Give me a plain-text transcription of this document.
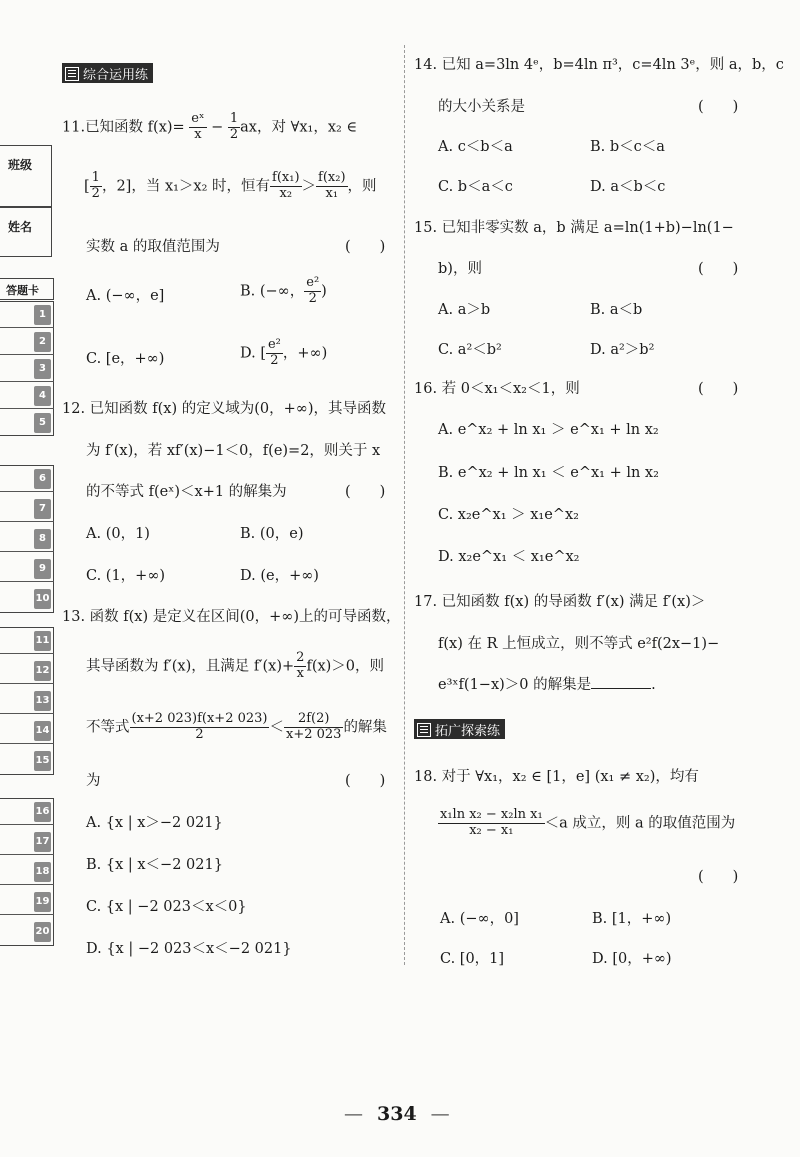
班级
姓名
答题卡
1
2
3
4
5
6
7
8
9
10
11
12
13
14
15
16
17
18
19
20
综合运用练
11.已知函数 $f(x)= \frac{\text{eˣ}}{x} - \frac{1}{2}$ ax，对 ∀x₁，x₂ ∈
[ $\frac{1}{2}$ ，2]，当 x₁＞x₂ 时，恒有 $\frac{\text{f(x₁)}}{\text{x₂}} > \frac{\text{f(x₂)}}{\text{x₁}}$ ，则
实数 a 的取值范围为	(　　)
A. (−∞，e]	B. (−∞， $\frac{\text{e²}}{2}$ )
C. [e，+∞)	D. [ $\frac{\text{e²}}{2}$ ，+∞)
12. 已知函数 f(x) 的定义域为(0，+∞)，其导函数
为 f′(x)，若 xf′(x)−1＜0，f(e)=2，则关于 x
的不等式 f(eˣ)＜x+1 的解集为	(　　)
A. (0，1)	B. (0，e)
C. (1，+∞)	D. (e，+∞)
13. 函数 f(x) 是定义在区间(0，+∞)上的可导函数，
其导函数为 f′(x)，且满足 $f'(x)+ \frac{2}{x} f(x)>0$，则
不等式 $\frac{(x+2 023)f(x+2 023)}{2} < \frac{2f(2)}{x+2 023}$ 的解集
为	(　　)
A. {x | x＞−2 021}
B. {x | x＜−2 021}
C. {x | −2 023＜x＜0}
D. {x | −2 023＜x＜−2 021}
14. 已知 a=3ln 4ᵉ，b=4ln π³，c=4ln 3ᵉ，则 a，b，c
的大小关系是	(　　)
A. c＜b＜a	B. b＜c＜a
C. b＜a＜c	D. a＜b＜c
15. 已知非零实数 a，b 满足 a=ln(1+b)−ln(1−
b)，则	(　　)
A. a＞b	B. a＜b
C. a²＜b²	D. a²＞b²
16. 若 0＜x₁＜x₂＜1，则	(　　)
A. e^x₂ + ln x₁ ＞ e^x₁ + ln x₂
B. e^x₂ + ln x₁ ＜ e^x₁ + ln x₂
C. x₂e^x₁ ＞ x₁e^x₂
D. x₂e^x₁ ＜ x₁e^x₂
17. 已知函数 f(x) 的导函数 f′(x) 满足 f′(x)＞
f(x) 在 R 上恒成立，则不等式 e²f(2x−1)−
e³ˣf(1−x)＞0 的解集是	.
拓广探索练
18. 对于 ∀x₁，x₂ ∈ [1，e] (x₁ ≠ x₂)，均有
$\frac{\text{x₁ln x₂ − x₂ln x₁}}{\text{x₂ − x₁}} <a$ 成立，则 a 的取值范围为
(　　)
A. (−∞，0]	B. [1，+∞)
C. [0，1]	D. [0，+∞)
— 334 —
